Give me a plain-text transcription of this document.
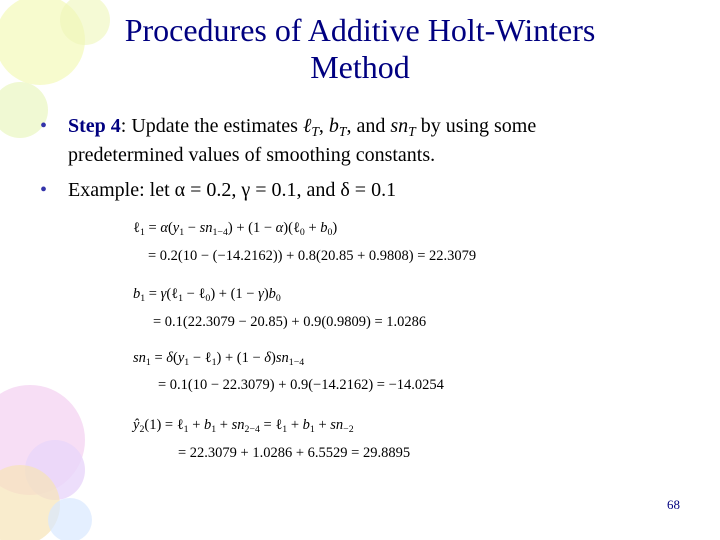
Procedures of Additive Holt-Winters
Method
• Step 4: Update the estimates ℓ$_T$, $b_T$, and $sn_T$ by using some
predetermined values of smoothing constants.
• Example: let α = 0.2, γ = 0.1, and δ = 0.1
ℓ$_1$ = $\alpha(y_1 - sn_{1-4}) + (1$ − α)(ℓ$_0$ + $b_0$)
= 0.2(10 − (−14.2162)) + 0.8(20.85 + 0.9808) = 22.3079
$b_1$ = γ(ℓ$_1$ − ℓ$_0$) + $(1 - \gamma)b_0$
= 0.1(22.3079 − 20.85) + 0.9(0.9809) = 1.0286
$sn_1 = \delta(y_1$ − ℓ$_1$) + $(1 - \delta)sn_{1-4}$
= 0.1(10 − 22.3079) + 0.9(−14.2162) = −14.0254
$ŷ_2(1)$ = ℓ$_1$ + $b_1 + sn_{2-4}$ = ℓ$_1$ + $b_1 + sn_{-2}$
= 22.3079 + 1.0286 + 6.5529 = 29.8895
68
